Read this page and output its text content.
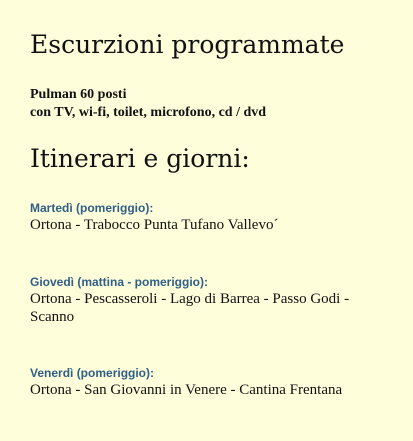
Escurzioni programmate
Pulman 60 posti
con TV, wi-fi, toilet, microfono, cd / dvd
Itinerari e giorni:
Martedì (pomeriggio):
Ortona - Trabocco Punta Tufano Vallevo´
Giovedì (mattina - pomeriggio):
Ortona - Pescasseroli - Lago di Barrea - Passo Godi - Scanno
Venerdì (pomeriggio):
Ortona - San Giovanni in Venere - Cantina Frentana
